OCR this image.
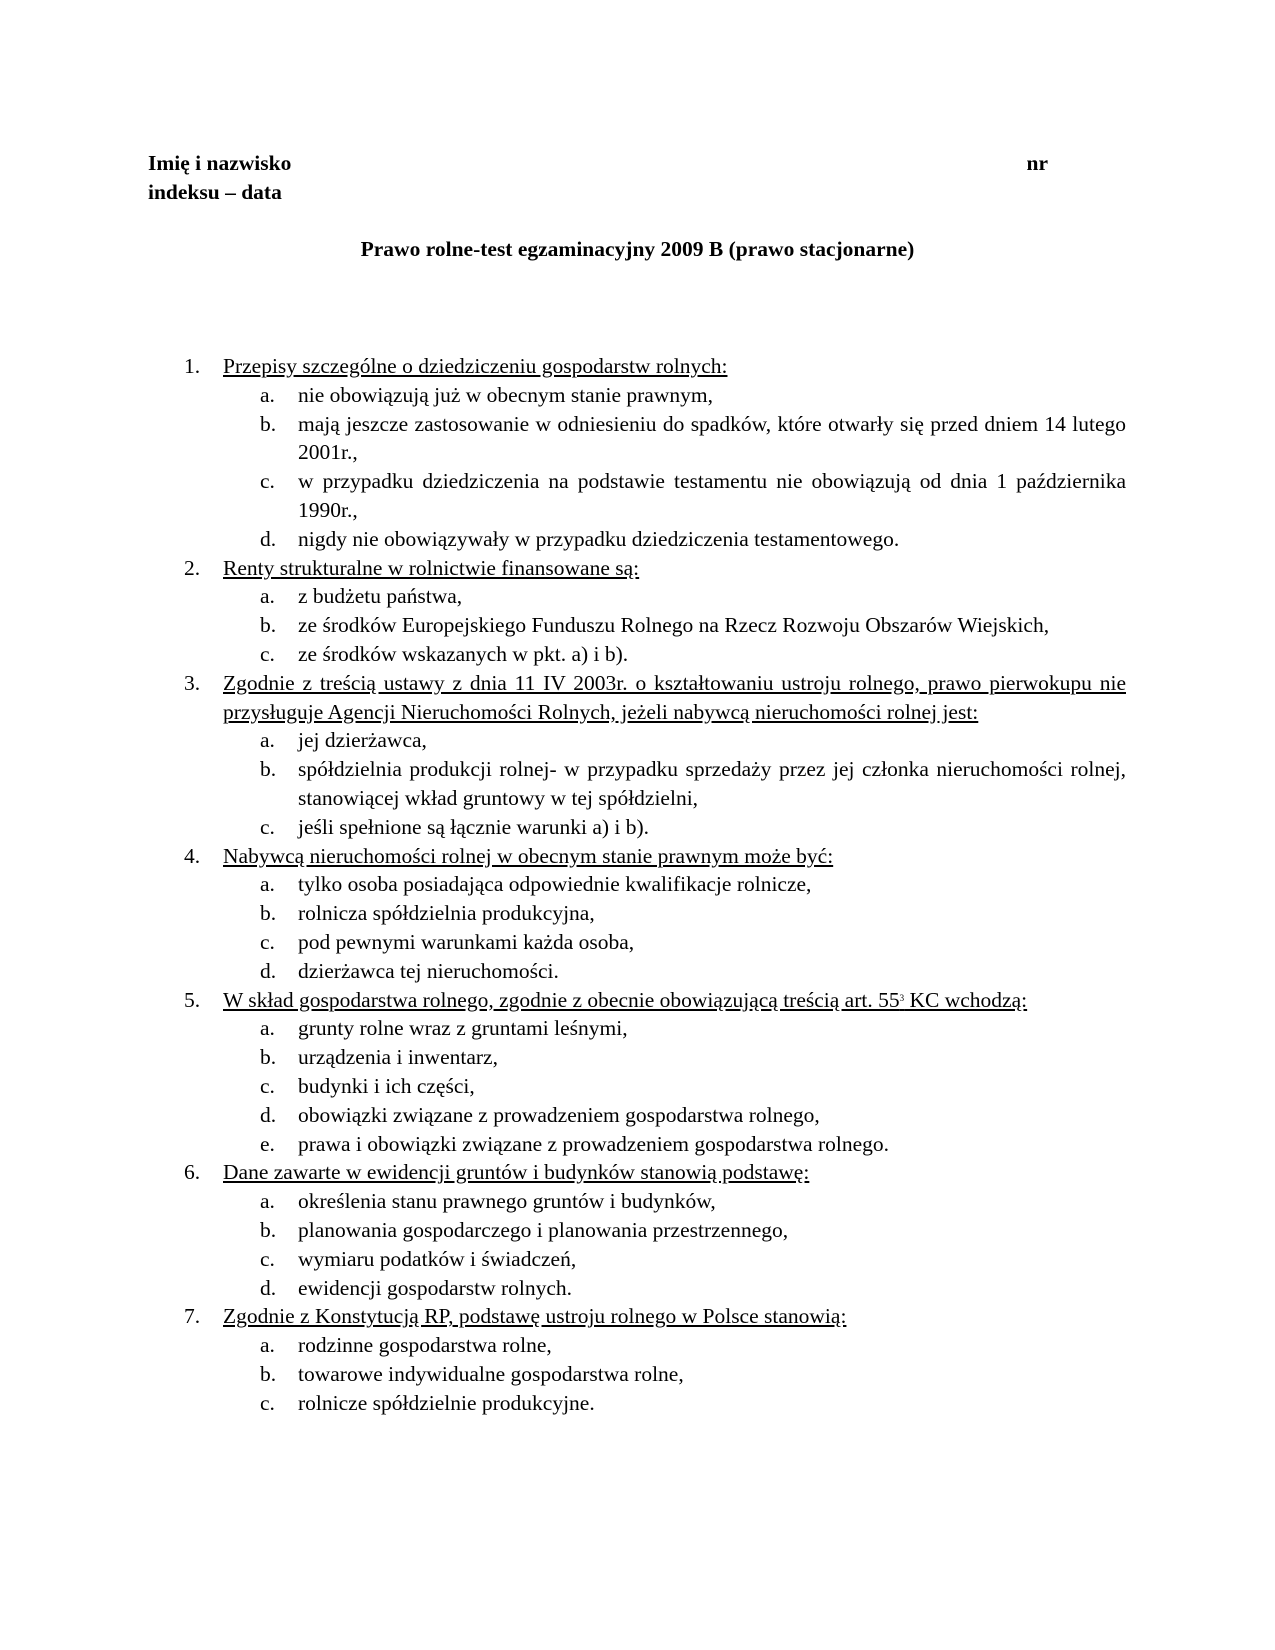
Imię i nazwisko	nr
indeksu – data
Prawo rolne-test egzaminacyjny 2009 B (prawo stacjonarne)
1. Przepisy szczególne o dziedziczeniu gospodarstw rolnych:
a. nie obowiązują już w obecnym stanie prawnym,
b. mają jeszcze zastosowanie w odniesieniu do spadków, które otwarły się przed dniem 14 lutego 2001r.,
c. w przypadku dziedziczenia na podstawie testamentu nie obowiązują od dnia 1 października 1990r.,
d. nigdy nie obowiązywały w przypadku dziedziczenia testamentowego.
2. Renty strukturalne w rolnictwie finansowane są:
a. z budżetu państwa,
b. ze środków Europejskiego Funduszu Rolnego na Rzecz Rozwoju Obszarów Wiejskich,
c. ze środków wskazanych w pkt. a) i b).
3. Zgodnie z treścią ustawy z dnia 11 IV 2003r. o kształtowaniu ustroju rolnego, prawo pierwokupu nie przysługuje Agencji Nieruchomości Rolnych, jeżeli nabywcą nieruchomości rolnej jest:
a. jej dzierżawca,
b. spółdzielnia produkcji rolnej- w przypadku sprzedaży przez jej członka nieruchomości rolnej, stanowiącej wkład gruntowy w tej spółdzielni,
c. jeśli spełnione są łącznie warunki a) i b).
4. Nabywcą nieruchomości rolnej w obecnym stanie prawnym może być:
a. tylko osoba posiadająca odpowiednie kwalifikacje rolnicze,
b. rolnicza spółdzielnia produkcyjna,
c. pod pewnymi warunkami każda osoba,
d. dzierżawca tej nieruchomości.
5. W skład gospodarstwa rolnego, zgodnie z obecnie obowiązującą treścią art. $55^3$ KC wchodzą:
a. grunty rolne wraz z gruntami leśnymi,
b. urządzenia i inwentarz,
c. budynki i ich części,
d. obowiązki związane z prowadzeniem gospodarstwa rolnego,
e. prawa i obowiązki związane z prowadzeniem gospodarstwa rolnego.
6. Dane zawarte w ewidencji gruntów i budynków stanowią podstawę:
a. określenia stanu prawnego gruntów i budynków,
b. planowania gospodarczego i planowania przestrzennego,
c. wymiaru podatków i świadczeń,
d. ewidencji gospodarstw rolnych.
7. Zgodnie z Konstytucją RP, podstawę ustroju rolnego w Polsce stanowią:
a. rodzinne gospodarstwa rolne,
b. towarowe indywidualne gospodarstwa rolne,
c. rolnicze spółdzielnie produkcyjne.
